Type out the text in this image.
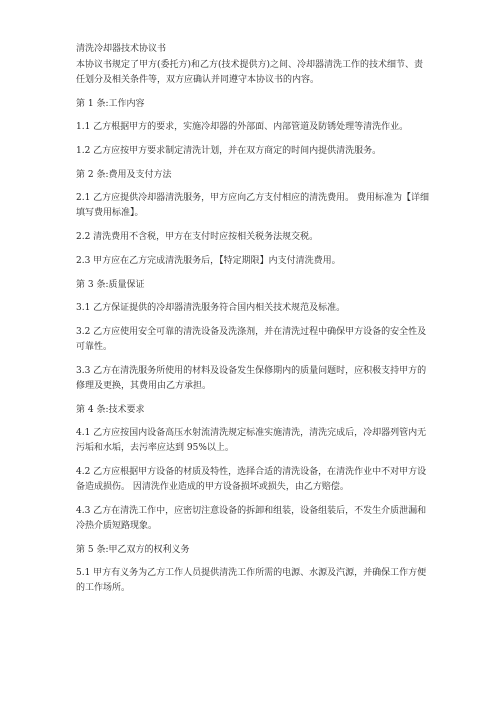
清洗冷却器技术协议书

本协议书规定了甲方(委托方)和乙方(技术提供方)之间、冷却器清洗工作的技术细节、责任划分及相关条件等，双方应确认并同遵守本协议书的内容。

第 1 条:工作内容

1.1 乙方根据甲方的要求，实施冷却器的外部面、内部管道及防锈处理等清洗作业。

1.2 乙方应按甲方要求制定清洗计划，并在双方商定的时间内提供清洗服务。

第 2 条:费用及支付方法

2.1 乙方应提供冷却器清洗服务，甲方应向乙方支付相应的清洗费用。 费用标准为【详细填写费用标准】。

2.2 清洗费用不含税，甲方在支付时应按相关税务法规交税。

2.3 甲方应在乙方完成清洗服务后，【特定期限】内支付清洗费用。

第 3 条:质量保证

3.1 乙方保证提供的冷却器清洗服务符合国内相关技术规范及标准。

3.2 乙方应使用安全可靠的清洗设备及洗涤剂，并在清洗过程中确保甲方设备的安全性及可靠性。

3.3 乙方在清洗服务所使用的材料及设备发生保修期内的质量问题时，应积极支持甲方的修理及更换，其费用由乙方承担。

第 4 条:技术要求

4.1 乙方应按国内设备高压水射流清洗规定标准实施清洗，清洗完成后，冷却器列管内无污垢和水垢，去污率应达到 95%以上。

4.2 乙方应根据甲方设备的材质及特性，选择合适的清洗设备，在清洗作业中不对甲方设备造成损伤。 因清洗作业造成的甲方设备损坏或损失，由乙方赔偿。

4.3 乙方在清洗工作中，应密切注意设备的拆卸和组装，设备组装后，不发生介质泄漏和冷热介质短路现象。

第 5 条:甲乙双方的权利义务

5.1 甲方有义务为乙方工作人员提供清洗工作所需的电源、水源及汽源，并确保工作方便的工作场所。
